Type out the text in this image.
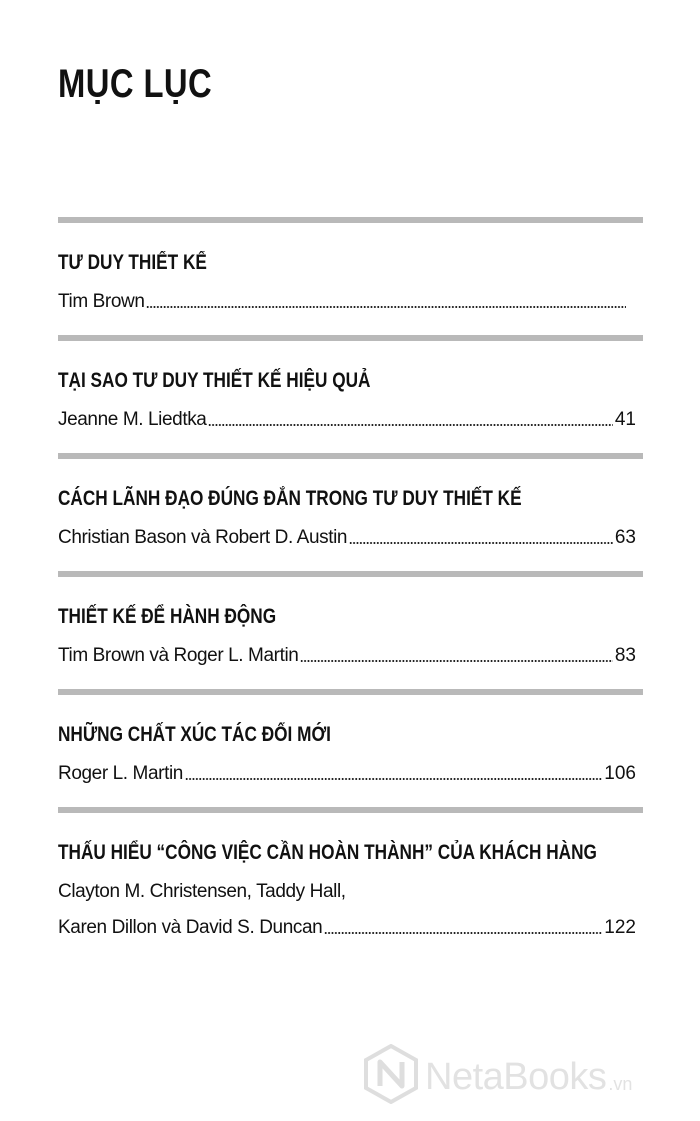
MỤC LỤC
TƯ DUY THIẾT KẾ
Tim Brown
TẠI SAO TƯ DUY THIẾT KẾ HIỆU QUẢ
Jeanne M. Liedtka	41
CÁCH LÃNH ĐẠO ĐÚNG ĐẮN TRONG TƯ DUY THIẾT KẾ
Christian Bason và Robert D. Austin	63
THIẾT KẾ ĐỂ HÀNH ĐỘNG
Tim Brown và Roger L. Martin	83
NHỮNG CHẤT XÚC TÁC ĐỔI MỚI
Roger L. Martin	106
THẤU HIỂU “CÔNG VIỆC CẦN HOÀN THÀNH” CỦA KHÁCH HÀNG
Clayton M. Christensen, Taddy Hall,
Karen Dillon và David S. Duncan	122
NetaBooks .vn
